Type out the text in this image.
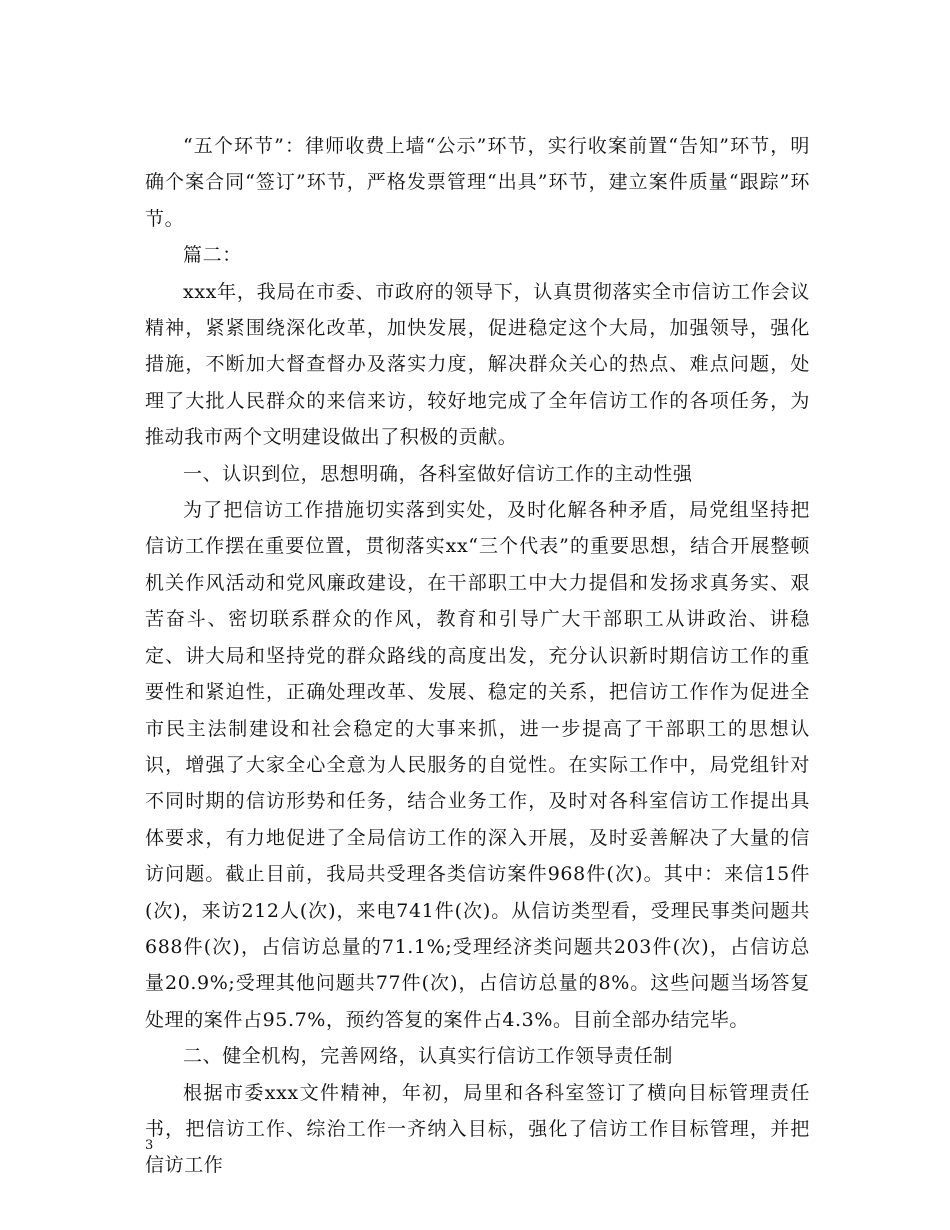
“五个环节”：律师收费上墙“公示”环节，实行收案前置“告知”环节，明确个案合同“签订”环节，严格发票管理“出具”环节，建立案件质量“跟踪”环节。

篇二：

xxx年，我局在市委、市政府的领导下，认真贯彻落实全市信访工作会议精神，紧紧围绕深化改革，加快发展，促进稳定这个大局，加强领导，强化措施，不断加大督查督办及落实力度，解决群众关心的热点、难点问题，处理了大批人民群众的来信来访，较好地完成了全年信访工作的各项任务，为推动我市两个文明建设做出了积极的贡献。

一、认识到位，思想明确，各科室做好信访工作的主动性强

为了把信访工作措施切实落到实处，及时化解各种矛盾，局党组坚持把信访工作摆在重要位置，贯彻落实xx“三个代表”的重要思想，结合开展整顿机关作风活动和党风廉政建设，在干部职工中大力提倡和发扬求真务实、艰苦奋斗、密切联系群众的作风，教育和引导广大干部职工从讲政治、讲稳定、讲大局和坚持党的群众路线的高度出发，充分认识新时期信访工作的重要性和紧迫性，正确处理改革、发展、稳定的关系，把信访工作作为促进全市民主法制建设和社会稳定的大事来抓，进一步提高了干部职工的思想认识，增强了大家全心全意为人民服务的自觉性。在实际工作中，局党组针对不同时期的信访形势和任务，结合业务工作，及时对各科室信访工作提出具体要求，有力地促进了全局信访工作的深入开展，及时妥善解决了大量的信访问题。截止目前，我局共受理各类信访案件968件(次)。其中：来信15件(次)，来访212人(次)，来电741件(次)。从信访类型看，受理民事类问题共688件(次)，占信访总量的71.1%;受理经济类问题共203件(次)，占信访总量20.9%;受理其他问题共77件(次)，占信访总量的8%。这些问题当场答复处理的案件占95.7%，预约答复的案件占4.3%。目前全部办结完毕。

二、健全机构，完善网络，认真实行信访工作领导责任制

根据市委xxx文件精神，年初，局里和各科室签订了横向目标管理责任书，把信访工作、综治工作一齐纳入目标，强化了信访工作目标管理，并把信访工作

3
